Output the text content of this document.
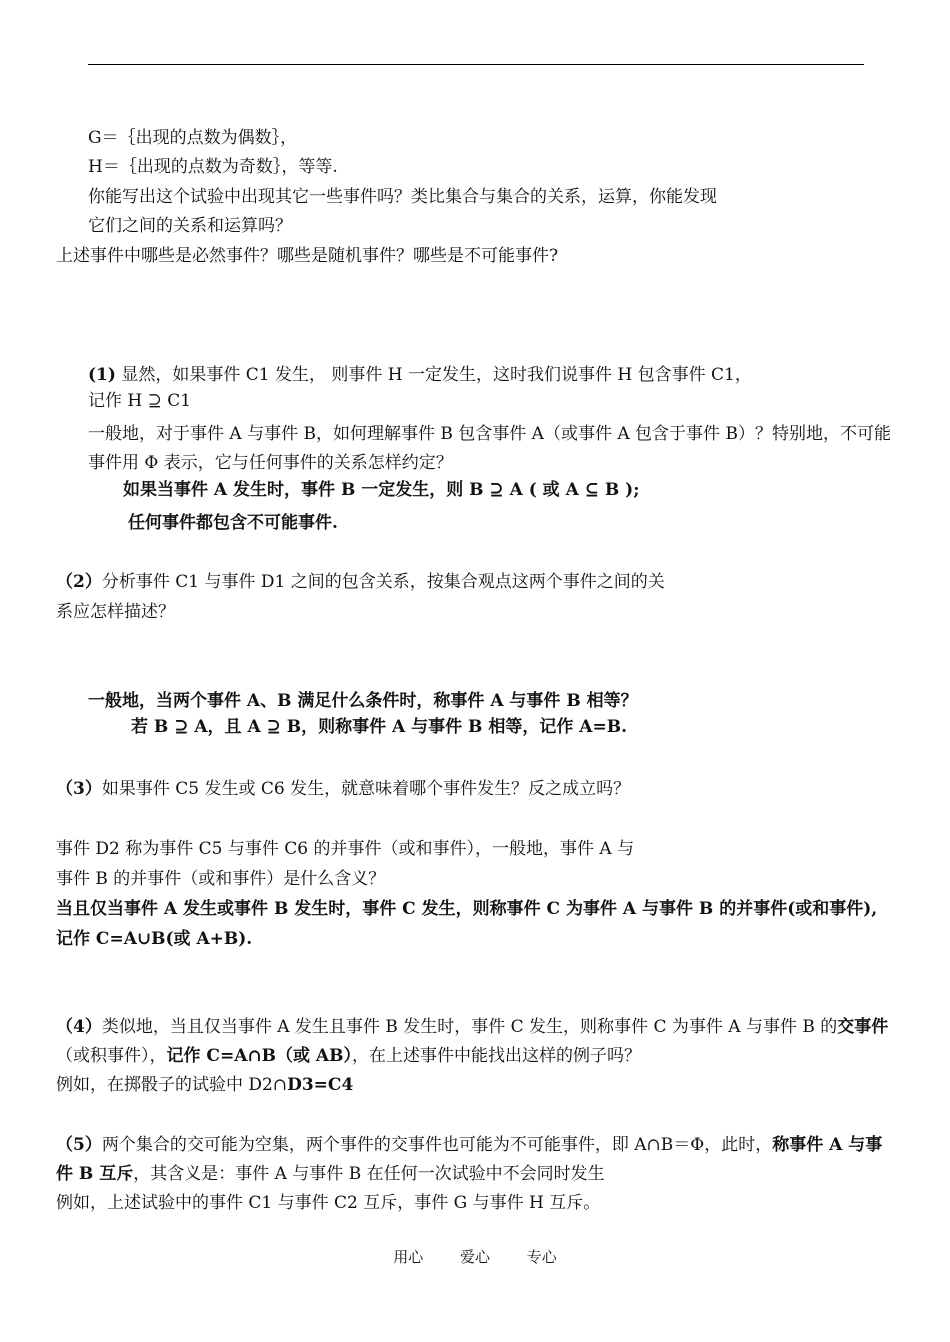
G＝｛出现的点数为偶数｝，
H＝｛出现的点数为奇数｝，等等.
你能写出这个试验中出现其它一些事件吗？类比集合与集合的关系，运算，你能发现
它们之间的关系和运算吗？
上述事件中哪些是必然事件？哪些是随机事件？哪些是不可能事件?
(1) 显然，如果事件 C1 发生， 则事件 H 一定发生，这时我们说事件 H 包含事件 C1，
记作 H ⊇ C1
一般地，对于事件 A 与事件 B，如何理解事件 B 包含事件 A（或事件 A 包含于事件 B）？特别地，不可能
事件用 Φ 表示，它与任何事件的关系怎样约定？
如果当事件 A 发生时，事件 B 一定发生，则 B ⊇ A ( 或 A ⊆ B );
任何事件都包含不可能事件.
（2）分析事件 C1 与事件 D1 之间的包含关系，按集合观点这两个事件之间的关
系应怎样描述？
一般地，当两个事件 A、B 满足什么条件时，称事件 A 与事件 B 相等？
若 B ⊇ A，且 A ⊇ B，则称事件 A 与事件 B 相等，记作 A=B.
（3）如果事件 C5 发生或 C6 发生，就意味着哪个事件发生？反之成立吗？
事件 D2 称为事件 C5 与事件 C6 的并事件（或和事件），一般地，事件 A 与
事件 B 的并事件（或和事件）是什么含义？
当且仅当事件 A 发生或事件 B 发生时，事件 C 发生，则称事件 C 为事件 A 与事件 B 的并事件(或和事件),
记作 C=A∪B(或 A+B).
（4）类似地，当且仅当事件 A 发生且事件 B 发生时，事件 C 发生，则称事件 C 为事件 A 与事件 B 的交事件
（或积事件），记作 C=A∩B（或 AB），在上述事件中能找出这样的例子吗？
例如，在掷骰子的试验中 D2∩D3=C4
（5）两个集合的交可能为空集，两个事件的交事件也可能为不可能事件，即 A∩B＝Φ，此时，称事件 A 与事
件 B 互斥，其含义是：事件 A 与事件 B 在任何一次试验中不会同时发生
例如，上述试验中的事件 C1 与事件 C2 互斥，事件 G 与事件 H 互斥。
用心 爱心 专心
